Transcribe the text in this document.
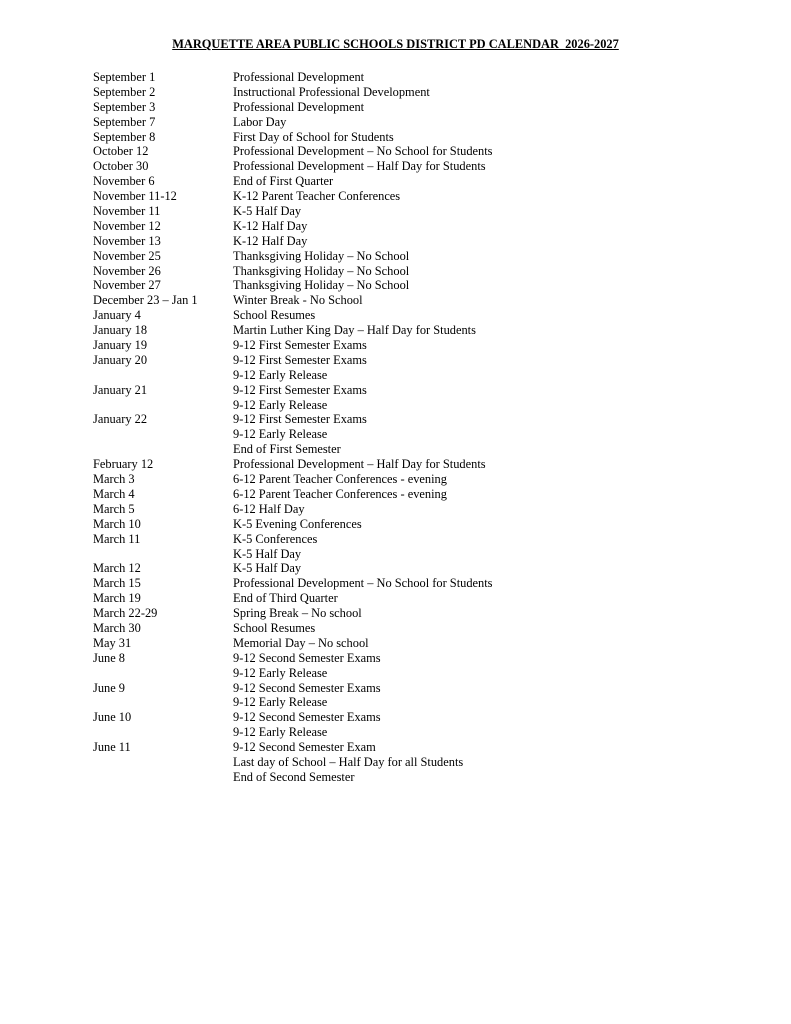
MARQUETTE AREA PUBLIC SCHOOLS DISTRICT PD CALENDAR  2026-2027
September 1	Professional Development
September 2	Instructional Professional Development
September 3	Professional Development
September 7	Labor Day
September 8	First Day of School for Students
October 12	Professional Development – No School for Students
October 30	Professional Development – Half Day for Students
November 6	End of First Quarter
November 11-12	K-12 Parent Teacher Conferences
November 11	K-5 Half Day
November 12	K-12 Half Day
November 13	K-12 Half Day
November 25	Thanksgiving Holiday – No School
November 26	Thanksgiving Holiday – No School
November 27	Thanksgiving Holiday – No School
December 23 – Jan 1	Winter Break - No School
January 4	School Resumes
January 18	Martin Luther King Day – Half Day for Students
January 19	9-12 First Semester Exams
January 20	9-12 First Semester Exams
9-12 Early Release
January 21	9-12 First Semester Exams
9-12 Early Release
January 22	9-12 First Semester Exams
9-12 Early Release
End of First Semester
February 12	Professional Development – Half Day for Students
March 3	6-12 Parent Teacher Conferences - evening
March 4	6-12 Parent Teacher Conferences - evening
March 5	6-12 Half Day
March 10	K-5 Evening Conferences
March 11	K-5 Conferences
K-5 Half Day
March 12	K-5 Half Day
March 15	Professional Development – No School for Students
March 19	End of Third Quarter
March 22-29	Spring Break – No school
March 30	School Resumes
May 31	Memorial Day – No school
June 8	9-12 Second Semester Exams
9-12 Early Release
June 9	9-12 Second Semester Exams
9-12 Early Release
June 10	9-12 Second Semester Exams
9-12 Early Release
June 11	9-12 Second Semester Exam
Last day of School – Half Day for all Students
End of Second Semester
